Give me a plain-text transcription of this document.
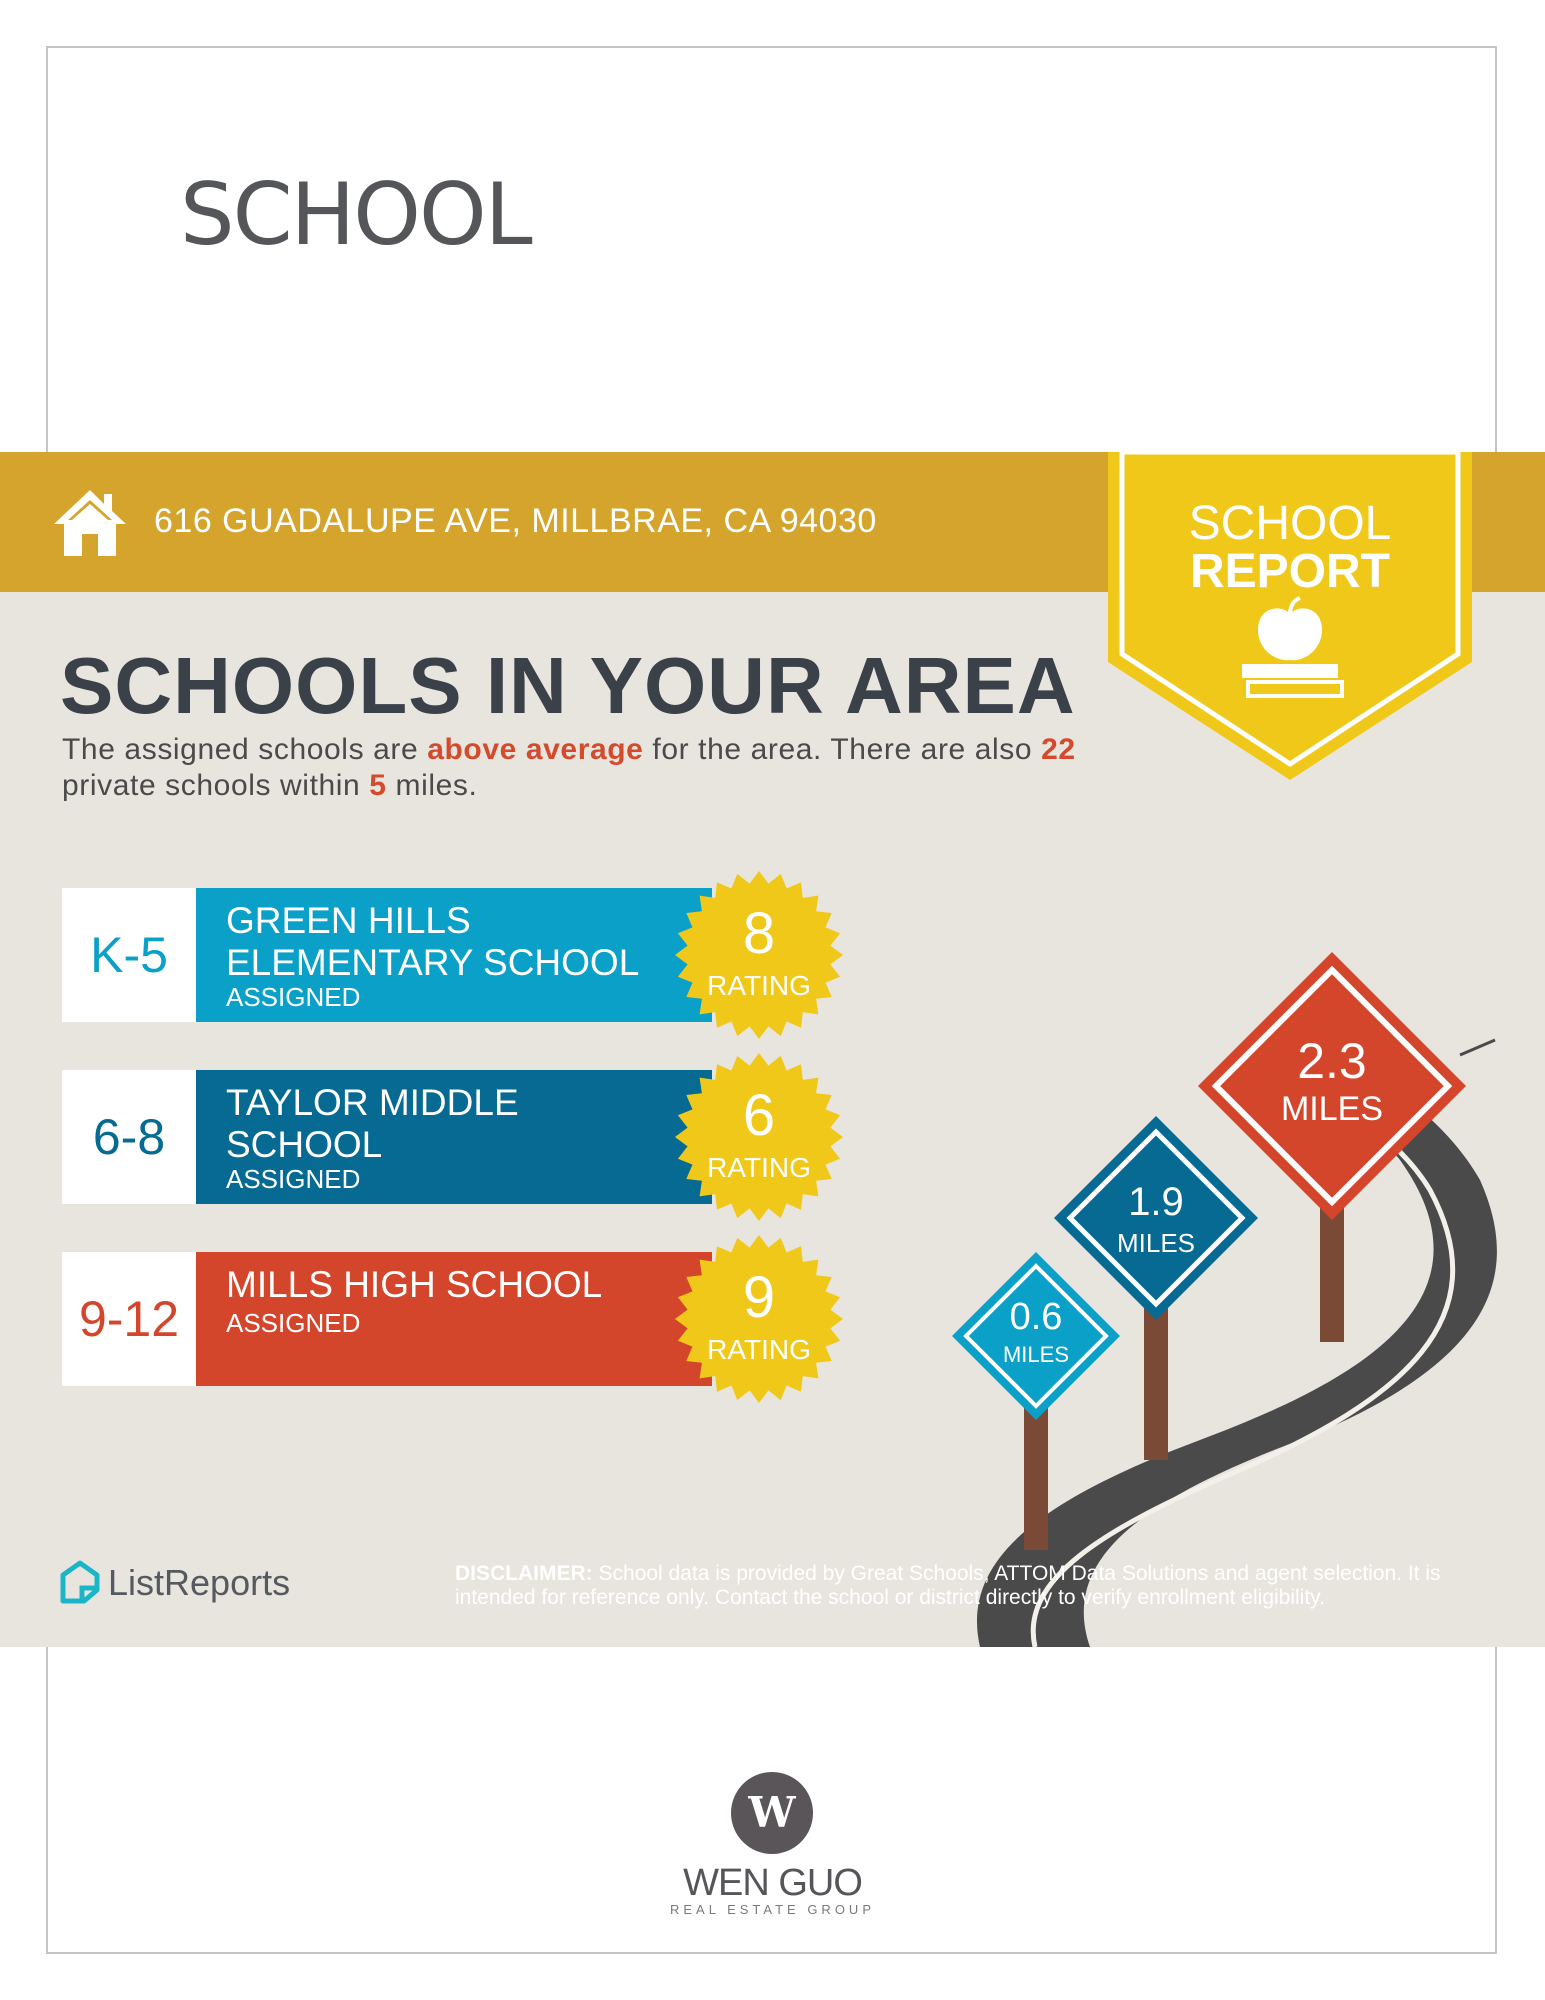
SCHOOL
616 GUADALUPE AVE, MILLBRAE, CA 94030	SCHOOL
REPORT
SCHOOLS IN YOUR AREA
The assigned schools are above average for the area. There are also 22 private schools within 5 miles.
K-5
GREEN HILLS ELEMENTARY SCHOOL
ASSIGNED
6-8
TAYLOR MIDDLE SCHOOL
ASSIGNED
9-12
MILLS HIGH SCHOOL
ASSIGNED
8
RATING
6
RATING
9
RATING
0.6
MILES
1.9
MILES
2.3
MILES
ListReports	DISCLAIMER: School data is provided by Great Schools, ATTOM Data Solutions and agent selection. It is intended for reference only. Contact the school or district directly to verify enrollment eligibility.
W
WEN GUO
REAL ESTATE GROUP
